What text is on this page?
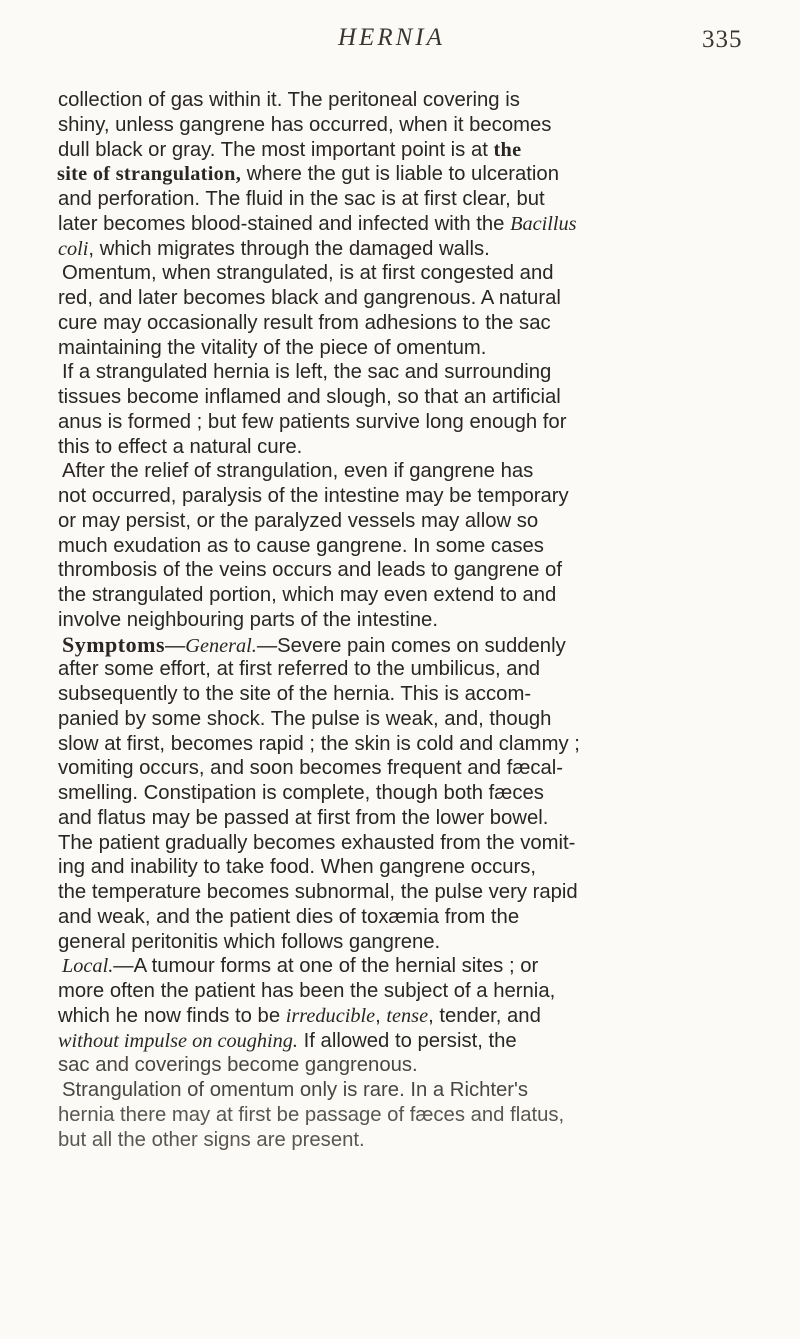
HERNIA	335
collection of gas within it. The peritoneal covering is
shiny, unless gangrene has occurred, when it becomes
dull black or gray. The most important point is at the
site of strangulation, where the gut is liable to ulceration
and perforation. The fluid in the sac is at first clear, but
later becomes blood-stained and infected with the Bacillus
coli, which migrates through the damaged walls.
Omentum, when strangulated, is at first congested and
red, and later becomes black and gangrenous. A natural
cure may occasionally result from adhesions to the sac
maintaining the vitality of the piece of omentum.
If a strangulated hernia is left, the sac and surrounding
tissues become inflamed and slough, so that an artificial
anus is formed ; but few patients survive long enough for
this to effect a natural cure.
After the relief of strangulation, even if gangrene has
not occurred, paralysis of the intestine may be temporary
or may persist, or the paralyzed vessels may allow so
much exudation as to cause gangrene. In some cases
thrombosis of the veins occurs and leads to gangrene of
the strangulated portion, which may even extend to and
involve neighbouring parts of the intestine.
Symptoms—General.—Severe pain comes on suddenly
after some effort, at first referred to the umbilicus, and
subsequently to the site of the hernia. This is accom-
panied by some shock. The pulse is weak, and, though
slow at first, becomes rapid ; the skin is cold and clammy ;
vomiting occurs, and soon becomes frequent and fæcal-
smelling. Constipation is complete, though both fæces
and flatus may be passed at first from the lower bowel.
The patient gradually becomes exhausted from the vomit-
ing and inability to take food. When gangrene occurs,
the temperature becomes subnormal, the pulse very rapid
and weak, and the patient dies of toxæmia from the
general peritonitis which follows gangrene.
Local.—A tumour forms at one of the hernial sites ; or
more often the patient has been the subject of a hernia,
which he now finds to be irreducible, tense, tender, and
without impulse on coughing. If allowed to persist, the
sac and coverings become gangrenous.
Strangulation of omentum only is rare. In a Richter's
hernia there may at first be passage of fæces and flatus,
but all the other signs are present.
